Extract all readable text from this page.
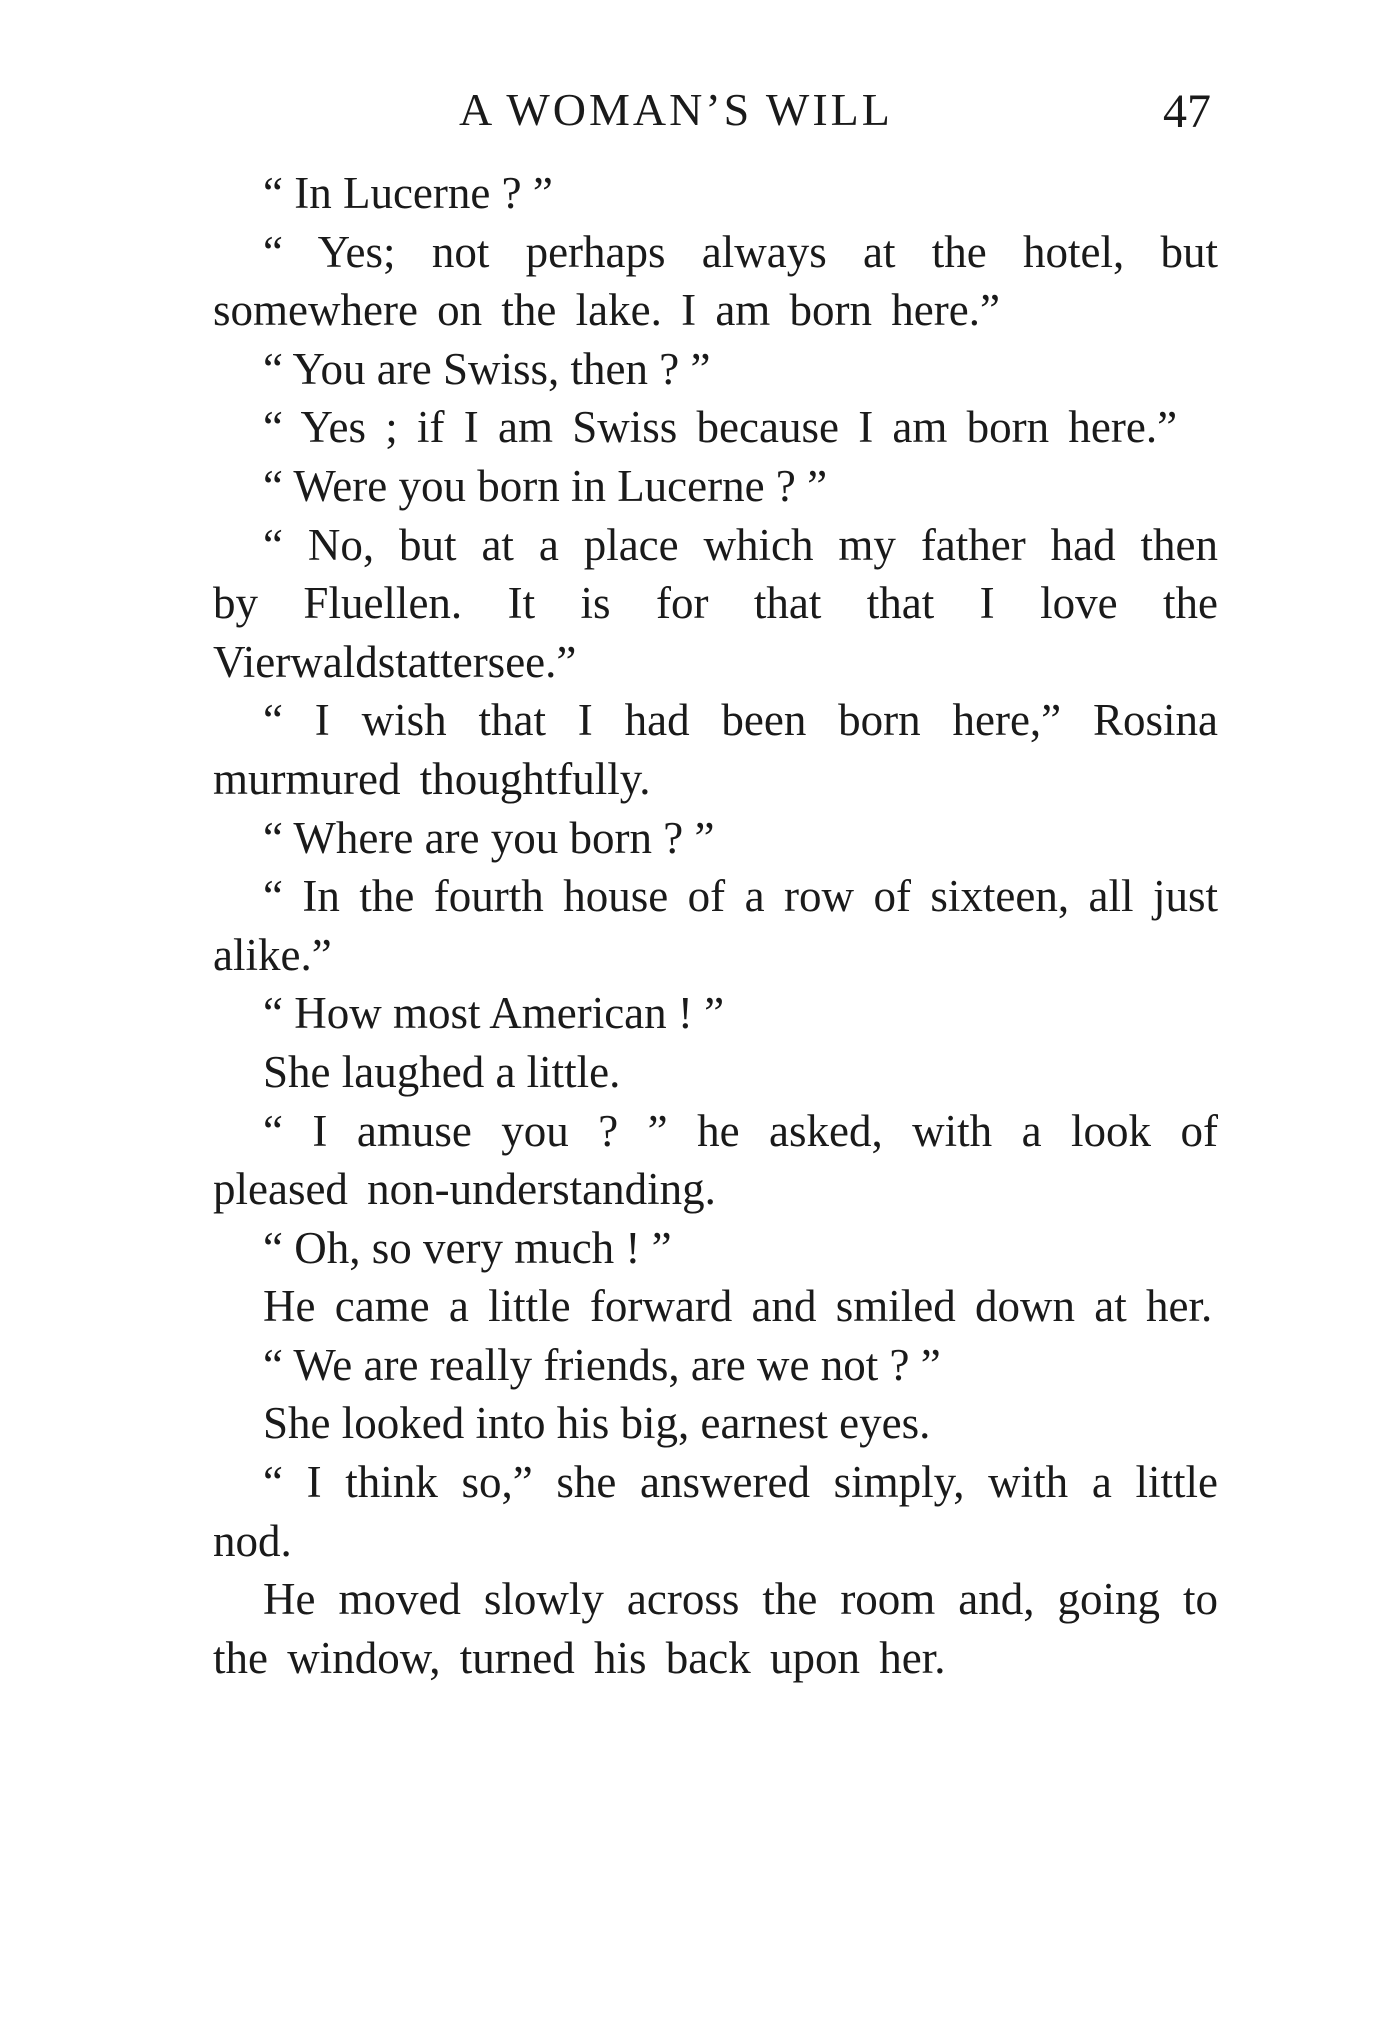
A WOMAN’S WILL	47

“ In Lucerne ? ”

“ Yes; not perhaps always at the hotel, but somewhere on the lake. I am born here.”

“ You are Swiss, then ? ”

“ Yes ; if I am Swiss because I am born here.”

“ Were you born in Lucerne ? ”

“ No, but at a place which my father had then by Fluellen. It is for that that I love the Vierwaldstattersee.”

“ I wish that I had been born here,” Rosina murmured thoughtfully.

“ Where are you born ? ”

“ In the fourth house of a row of sixteen, all just alike.”

“ How most American ! ”

She laughed a little.

“ I amuse you ? ” he asked, with a look of pleased non-understanding.

“ Oh, so very much ! ”

He came a little forward and smiled down at her.

“ We are really friends, are we not ? ”

She looked into his big, earnest eyes.

“ I think so,” she answered simply, with a little nod.

He moved slowly across the room and, going to the window, turned his back upon her.
